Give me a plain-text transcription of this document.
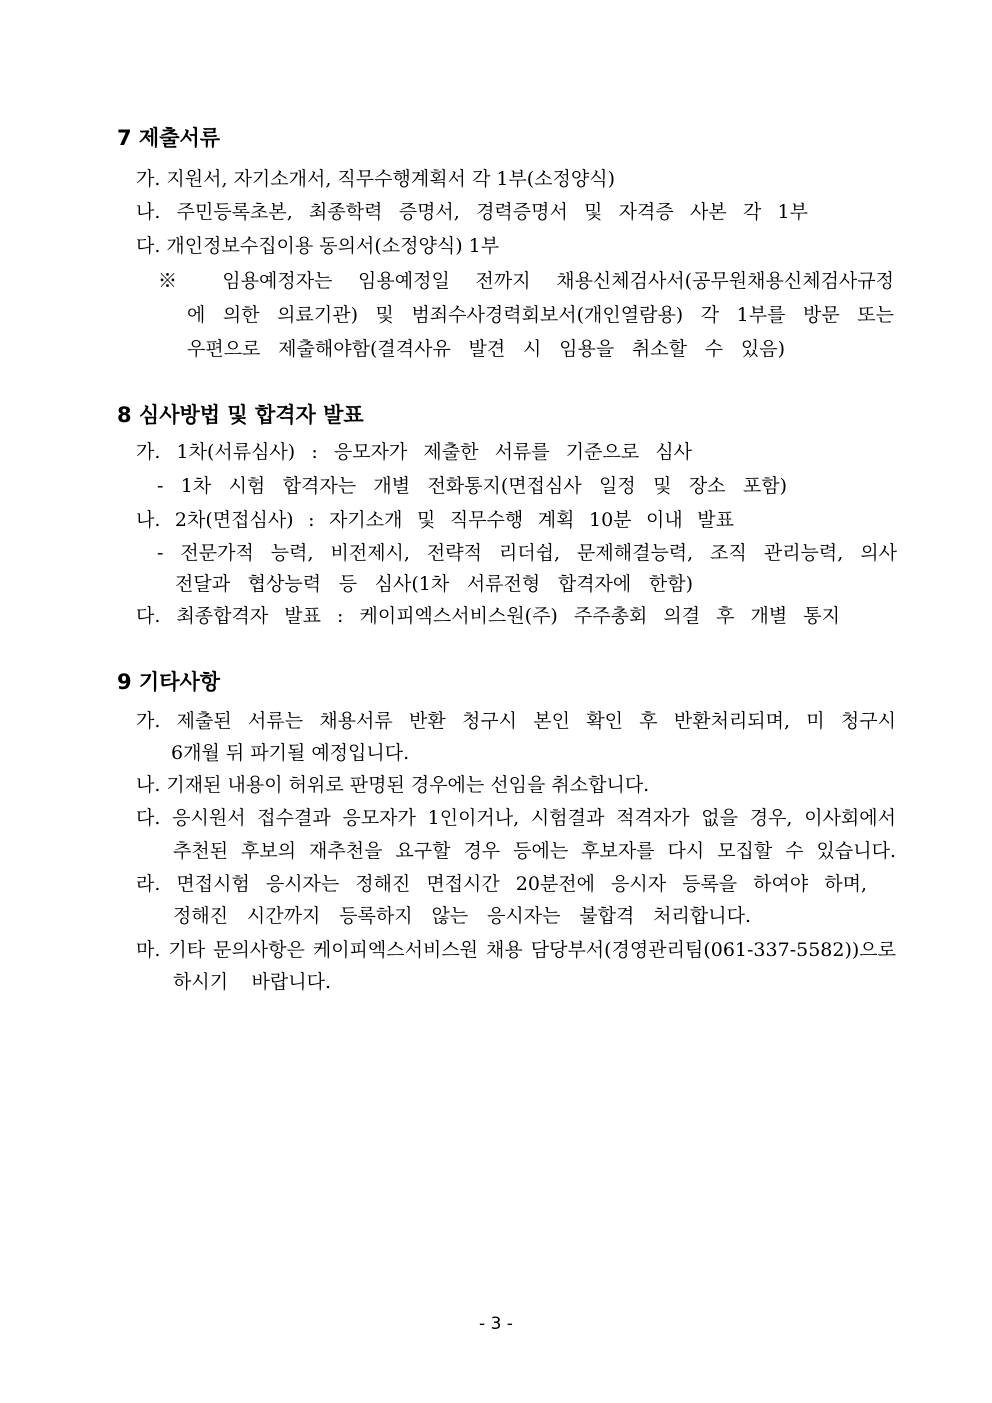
7 제출서류
가. 지원서, 자기소개서, 직무수행계획서 각 1부(소정양식)
나. 주민등록초본, 최종학력 증명서, 경력증명서 및 자격증 사본 각 1부
다. 개인정보수집이용 동의서(소정양식) 1부
※ 임용예정자는 임용예정일 전까지 채용신체검사서(공무원채용신체검사규정
에 의한 의료기관) 및 범죄수사경력회보서(개인열람용) 각 1부를 방문 또는
우편으로 제출해야함(결격사유 발견 시 임용을 취소할 수 있음)
8 심사방법 및 합격자 발표
가. 1차(서류심사) : 응모자가 제출한 서류를 기준으로 심사
- 1차 시험 합격자는 개별 전화통지(면접심사 일정 및 장소 포함)
나. 2차(면접심사) : 자기소개 및 직무수행 계획 10분 이내 발표
- 전문가적 능력, 비전제시, 전략적 리더쉽, 문제해결능력, 조직 관리능력, 의사
전달과 협상능력 등 심사(1차 서류전형 합격자에 한함)
다. 최종합격자 발표 : 케이피엑스서비스원(주) 주주총회 의결 후 개별 통지
9 기타사항
가. 제출된 서류는 채용서류 반환 청구시 본인 확인 후 반환처리되며, 미 청구시
6개월 뒤 파기될 예정입니다.
나. 기재된 내용이 허위로 판명된 경우에는 선임을 취소합니다.
다. 응시원서 접수결과 응모자가 1인이거나, 시험결과 적격자가 없을 경우, 이사회에서
추천된 후보의 재추천을 요구할 경우 등에는 후보자를 다시 모집할 수 있습니다.
라. 면접시험 응시자는 정해진 면접시간 20분전에 응시자 등록을 하여야 하며,
정해진 시간까지 등록하지 않는 응시자는 불합격 처리합니다.
마. 기타 문의사항은 케이피엑스서비스원 채용 담당부서(경영관리팀(061-337-5582))으로
하시기 바랍니다.
- 3 -
